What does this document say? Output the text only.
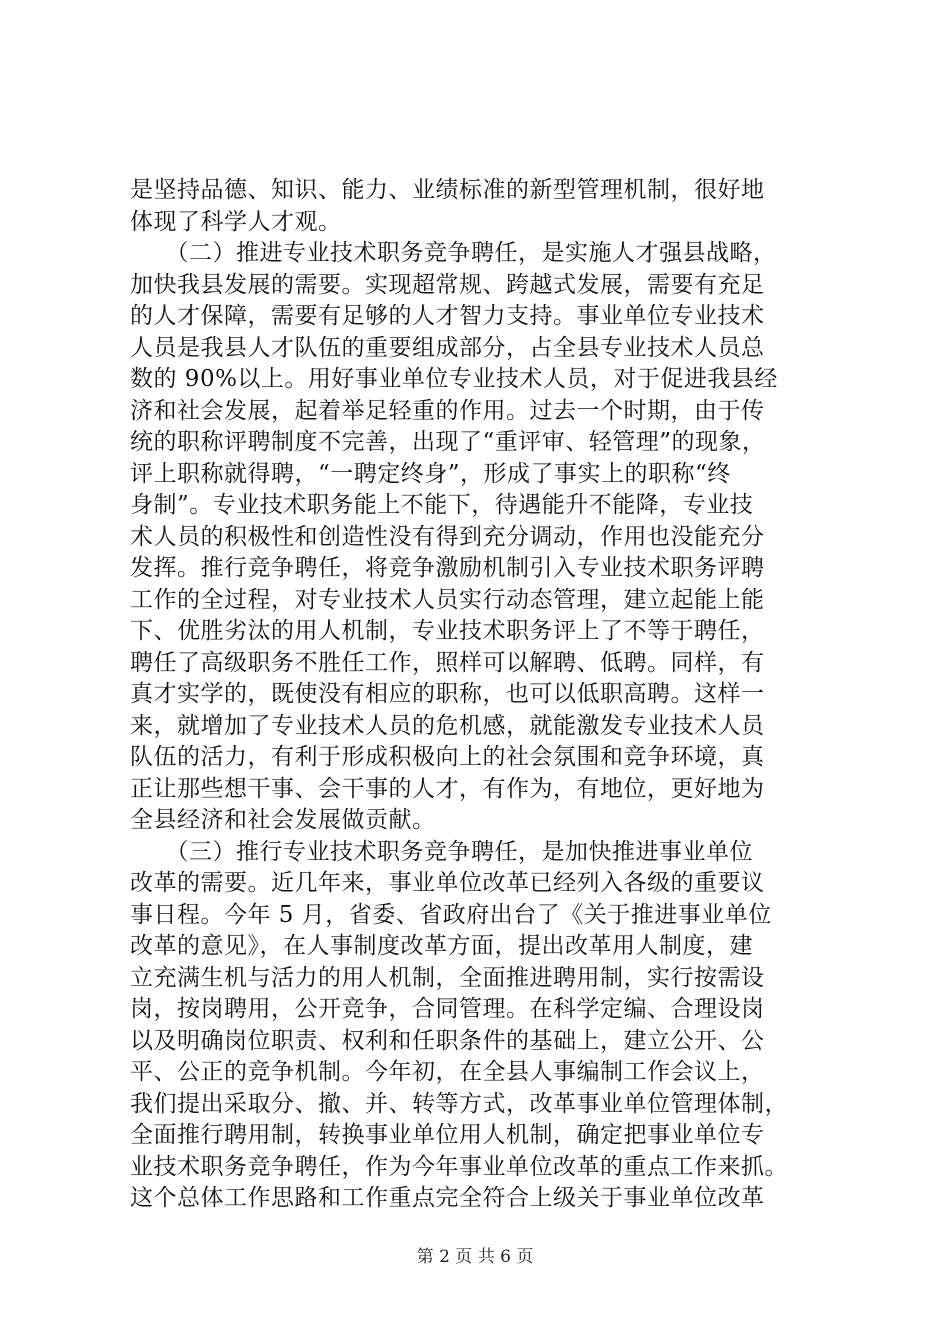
是坚持品德、知识、能力、业绩标准的新型管理机制，很好地
体现了科学人才观。
　　（二）推进专业技术职务竞争聘任，是实施人才强县战略，
加快我县发展的需要。实现超常规、跨越式发展，需要有充足
的人才保障，需要有足够的人才智力支持。事业单位专业技术
人员是我县人才队伍的重要组成部分，占全县专业技术人员总
数的 90%以上。用好事业单位专业技术人员，对于促进我县经
济和社会发展，起着举足轻重的作用。过去一个时期，由于传
统的职称评聘制度不完善，出现了“重评审、轻管理”的现象，
评上职称就得聘，“一聘定终身”，形成了事实上的职称“终
身制”。专业技术职务能上不能下，待遇能升不能降，专业技
术人员的积极性和创造性没有得到充分调动，作用也没能充分
发挥。推行竞争聘任，将竞争激励机制引入专业技术职务评聘
工作的全过程，对专业技术人员实行动态管理，建立起能上能
下、优胜劣汰的用人机制，专业技术职务评上了不等于聘任，
聘任了高级职务不胜任工作，照样可以解聘、低聘。同样，有
真才实学的，既使没有相应的职称，也可以低职高聘。这样一
来，就增加了专业技术人员的危机感，就能激发专业技术人员
队伍的活力，有利于形成积极向上的社会氛围和竞争环境，真
正让那些想干事、会干事的人才，有作为，有地位，更好地为
全县经济和社会发展做贡献。
　　（三）推行专业技术职务竞争聘任，是加快推进事业单位
改革的需要。近几年来，事业单位改革已经列入各级的重要议
事日程。今年 5 月，省委、省政府出台了《关于推进事业单位
改革的意见》，在人事制度改革方面，提出改革用人制度，建
立充满生机与活力的用人机制，全面推进聘用制，实行按需设
岗，按岗聘用，公开竞争，合同管理。在科学定编、合理设岗
以及明确岗位职责、权利和任职条件的基础上，建立公开、公
平、公正的竞争机制。今年初，在全县人事编制工作会议上，
我们提出采取分、撤、并、转等方式，改革事业单位管理体制，
全面推行聘用制，转换事业单位用人机制，确定把事业单位专
业技术职务竞争聘任，作为今年事业单位改革的重点工作来抓。
这个总体工作思路和工作重点完全符合上级关于事业单位改革
第 2 页 共 6 页
